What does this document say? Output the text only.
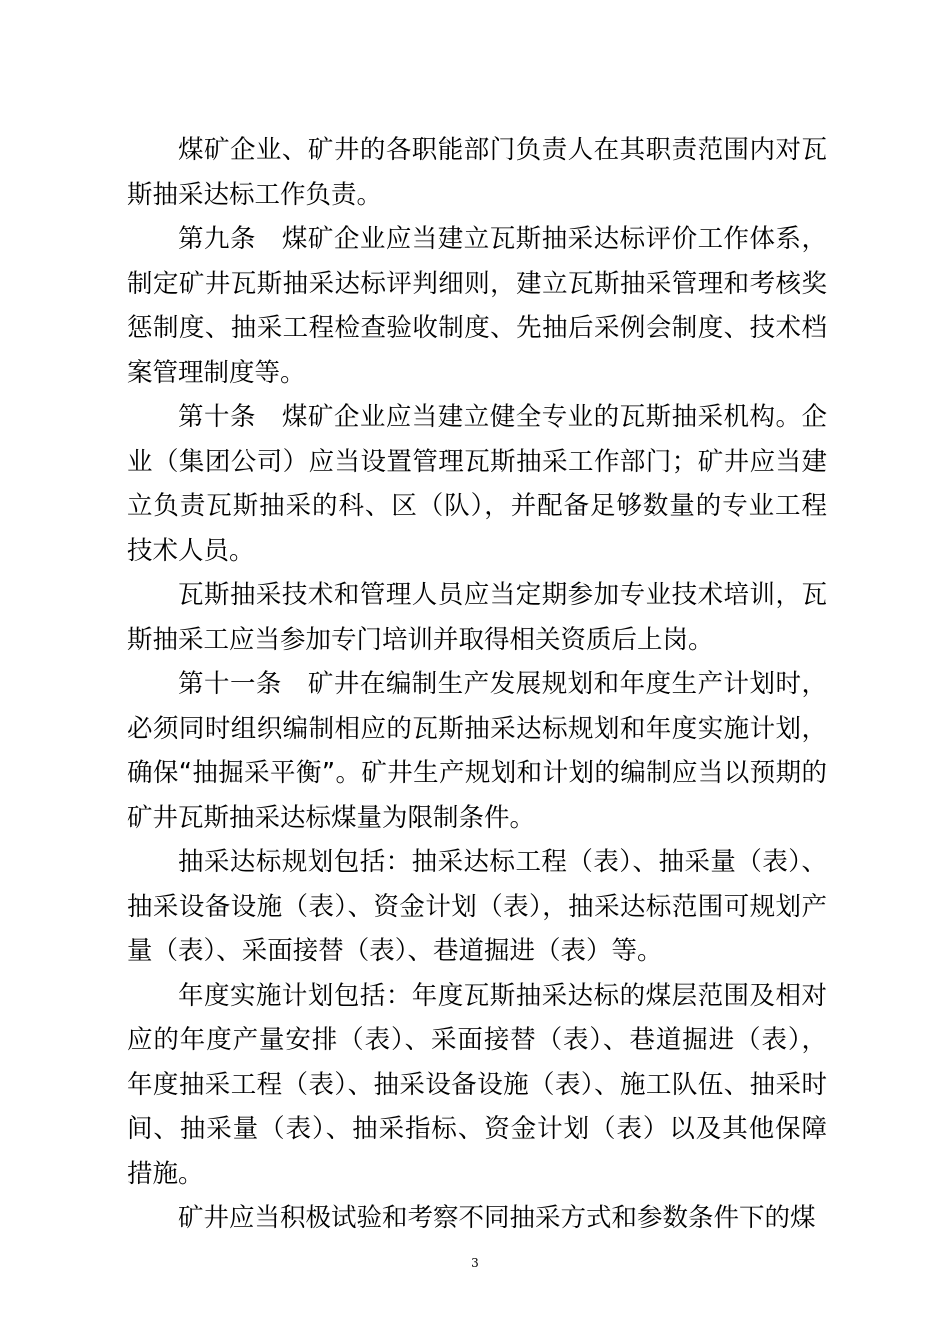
煤矿企业、矿井的各职能部门负责人在其职责范围内对瓦斯抽采达标工作负责。

第九条　煤矿企业应当建立瓦斯抽采达标评价工作体系，制定矿井瓦斯抽采达标评判细则，建立瓦斯抽采管理和考核奖惩制度、抽采工程检查验收制度、先抽后采例会制度、技术档案管理制度等。

第十条　煤矿企业应当建立健全专业的瓦斯抽采机构。企业（集团公司）应当设置管理瓦斯抽采工作部门；矿井应当建立负责瓦斯抽采的科、区（队），并配备足够数量的专业工程技术人员。

瓦斯抽采技术和管理人员应当定期参加专业技术培训，瓦斯抽采工应当参加专门培训并取得相关资质后上岗。

第十一条　矿井在编制生产发展规划和年度生产计划时，必须同时组织编制相应的瓦斯抽采达标规划和年度实施计划，确保“抽掘采平衡”。矿井生产规划和计划的编制应当以预期的矿井瓦斯抽采达标煤量为限制条件。

抽采达标规划包括：抽采达标工程（表）、抽采量（表）、抽采设备设施（表）、资金计划（表），抽采达标范围可规划产量（表）、采面接替（表）、巷道掘进（表）等。

年度实施计划包括：年度瓦斯抽采达标的煤层范围及相对应的年度产量安排（表）、采面接替（表）、巷道掘进（表），年度抽采工程（表）、抽采设备设施（表）、施工队伍、抽采时间、抽采量（表）、抽采指标、资金计划（表）以及其他保障措施。

矿井应当积极试验和考察不同抽采方式和参数条件下的煤

3
